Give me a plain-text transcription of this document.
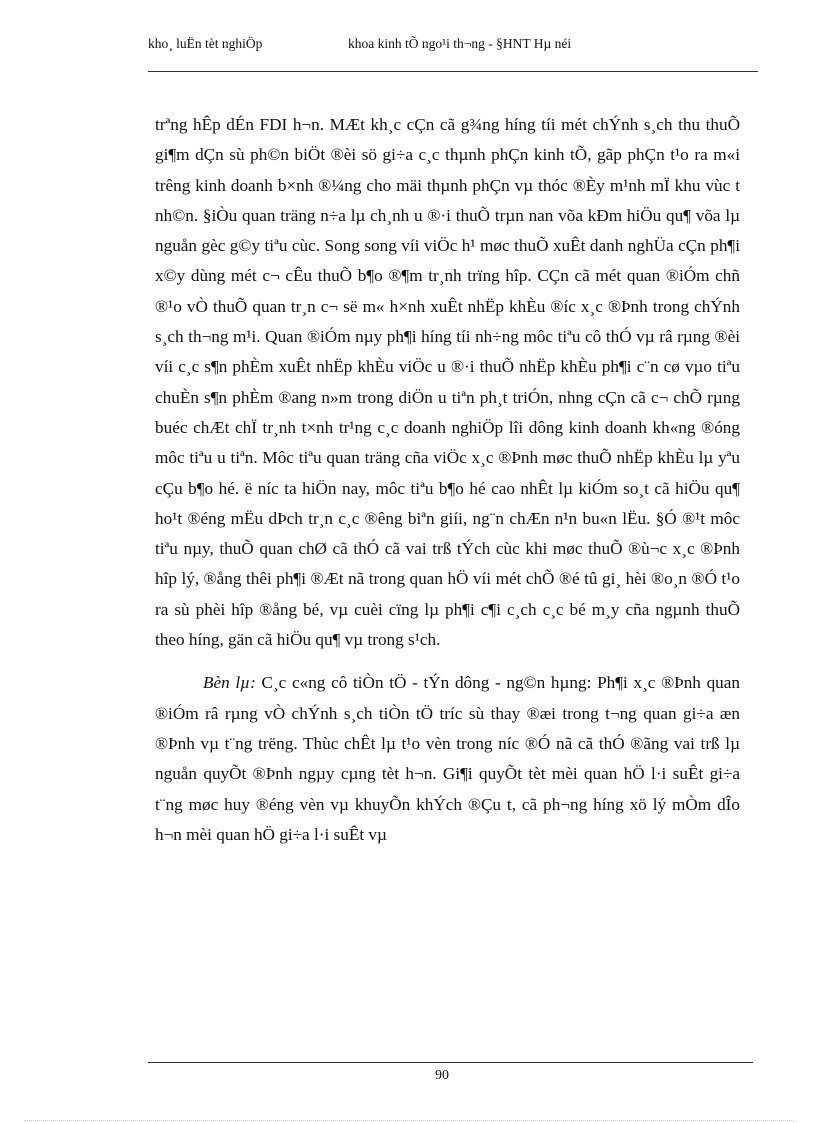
kho¸ luËn tèt nghiÖp	khoa kinh tÕ ngo¹i th¬ng - §HNT Hµ néi

trªng hÊp dÉn FDI h¬n. MÆt kh¸c cÇn cã g¾ng híng tíi mét chÝnh s¸ch thu thuÕ gi¶m dÇn sù ph©n biÖt ®èi sö gi÷a c¸c thµnh phÇn kinh tÕ, gãp phÇn t¹o ra m«i trêng kinh doanh b×nh ®¼ng cho mäi thµnh phÇn vµ thóc ®Èy m¹nh mÏ khu vùc t nh©n. §iÒu quan träng n÷a lµ ch¸nh u ®·i thuÕ trµn nan võa kÐm hiÖu qu¶ võa lµ nguån gèc g©y tiªu cùc. Song song víi viÖc h¹ møc thuÕ xuÊt danh nghÜa cÇn ph¶i x©y dùng mét c¬ cÊu thuÕ b¶o ®¶m tr¸nh trïng hîp. CÇn cã mét quan ®iÓm chñ ®¹o vÒ thuÕ quan tr¸n c¬ së m« h×nh xuÊt nhËp khÈu ®íc x¸c ®Þnh trong chÝnh s¸ch th¬ng m¹i. Quan ®iÓm nµy ph¶i híng tíi nh÷ng môc tiªu cô thÓ vµ râ rµng ®èi víi c¸c s¶n phÈm xuÊt nhËp khÈu viÖc u ®·i thuÕ nhËp khÈu ph¶i c¨n cø vµo tiªu chuÈn s¶n phÈm ®ang n»m trong diÖn u tiªn ph¸t triÓn, nhng cÇn cã c¬ chÕ rµng buéc chÆt chÏ tr¸nh t×nh tr¹ng c¸c doanh nghiÖp lîi dông kinh doanh kh«ng ®óng môc tiªu u tiªn. Môc tiªu quan träng cña viÖc x¸c ®Þnh møc thuÕ nhËp khÈu lµ yªu cÇu b¶o hé. ë níc ta hiÖn nay, môc tiªu b¶o hé cao nhÊt lµ kiÓm so¸t cã hiÖu qu¶ ho¹t ®éng mËu dÞch tr¸n c¸c ®êng biªn giíi, ng¨n chÆn n¹n bu«n lËu. §Ó ®¹t môc tiªu nµy, thuÕ quan chØ cã thÓ cã vai trß tÝch cùc khi møc thuÕ ®ù¬c x¸c ®Þnh hîp lý, ®ång thêi ph¶i ®Æt nã trong quan hÖ víi mét chÕ ®é tû gi¸ hèi ®o¸n ®Ó t¹o ra sù phèi hîp ®ång bé, vµ cuèi cïng lµ ph¶i c¶i c¸ch c¸c bé m¸y cña ngµnh thuÕ theo híng, gän cã hiÖu qu¶ vµ trong s¹ch.

Bèn lµ: C¸c c«ng cô tiÒn tÖ - tÝn dông - ng©n hµng: Ph¶i x¸c ®Þnh quan ®iÓm râ rµng vÒ chÝnh s¸ch tiÒn tÖ tríc sù thay ®æi trong t¬ng quan gi÷a æn ®Þnh vµ t¨ng trëng. Thùc chÊt lµ t¹o vèn trong níc ®Ó nã cã thÓ ®ãng vai trß lµ nguån quyÕt ®Þnh ngµy cµng tèt h¬n. Gi¶i quyÕt tèt mèi quan hÖ l·i suÊt gi÷a t¨ng møc huy ®éng vèn vµ khuyÕn khÝch ®Çu t, cã ph¬ng híng xö lý mÒm dÎo h¬n mèi quan hÖ gi÷a l·i suÊt vµ

90
